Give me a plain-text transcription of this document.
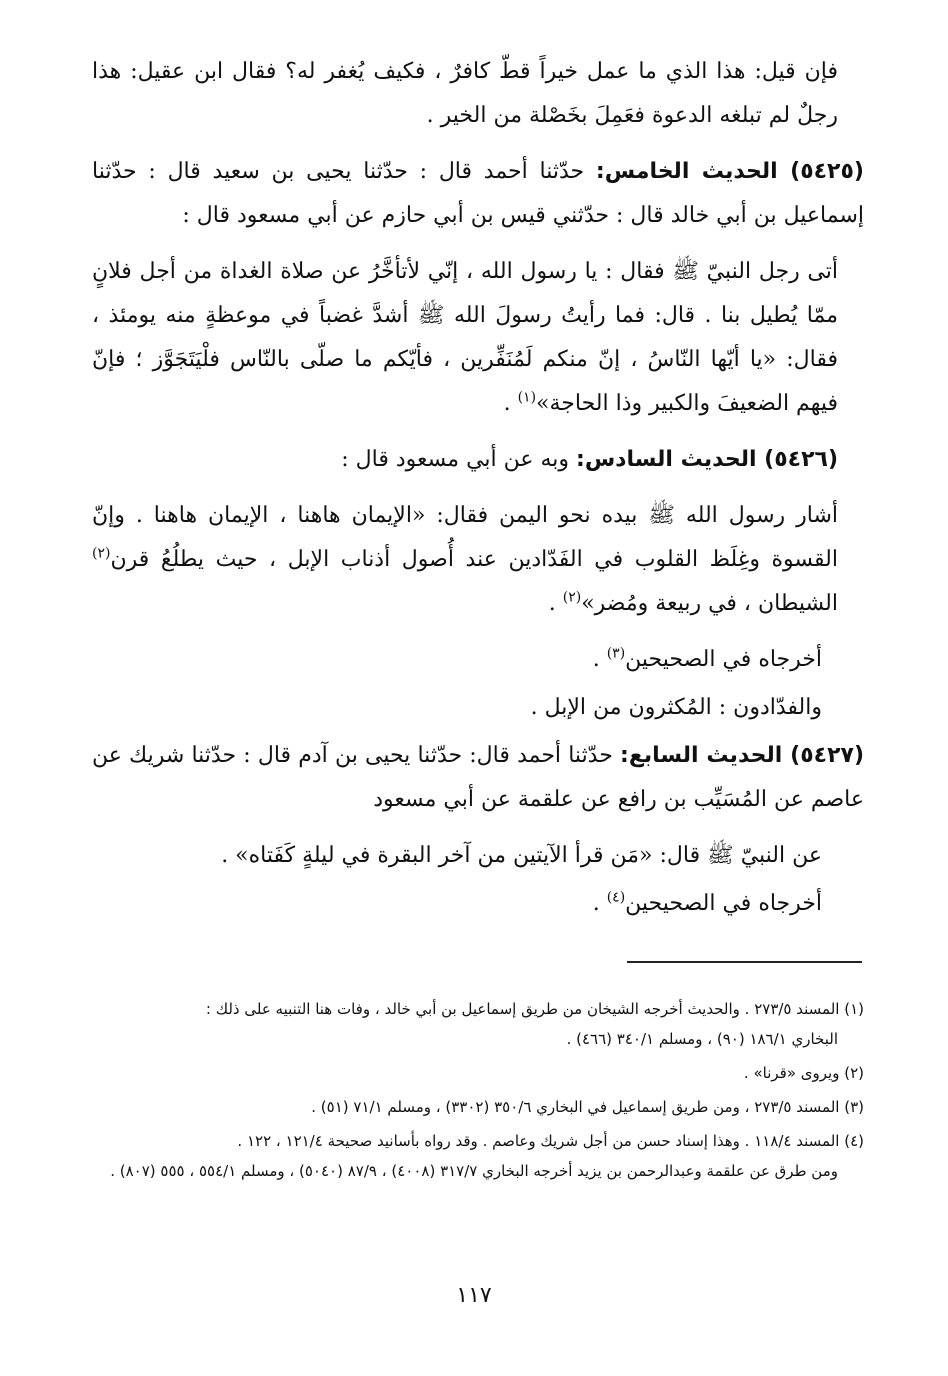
فإن قيل: هذا الذي ما عمل خيراً قطّ كافرٌ ، فكيف يُغفر له؟ فقال ابن عقيل: هذا رجلٌ لم تبلغه الدعوة فعَمِلَ بخَصْلة من الخير .

(٥٤٢٥) الحديث الخامس: حدّثنا أحمد قال : حدّثنا يحيى بن سعيد قال : حدّثنا إسماعيل بن أبي خالد قال : حدّثني قيس بن أبي حازم عن أبي مسعود قال :

أتى رجل النبيّ ﷺ فقال : يا رسول الله ، إنّي لأتأخَّرُ عن صلاة الغداة من أجل فلانٍ ممّا يُطيل بنا . قال: فما رأيتُ رسولَ الله ﷺ أشدَّ غضباً في موعظةٍ منه يومئذ ، فقال: «يا أيّها النّاسُ ، إنّ منكم لَمُنَفِّرين ، فأيّكم ما صلّى بالنّاس فلْيَتَجَوَّز ؛ فإنّ فيهم الضعيفَ والكبير وذا الحاجة»$^{(١)}$ .

(٥٤٢٦) الحديث السادس: وبه عن أبي مسعود قال :

أشار رسول الله ﷺ بيده نحو اليمن فقال: «الإيمان هاهنا ، الإيمان هاهنا . وإنّ القسوة وغِلَظ القلوب في الفَدّادين عند أُصول أذناب الإبل ، حيث يطلُعُ قرن$^{(٢)}$ الشيطان ، في ربيعة ومُضر»$^{(٢)}$ .

أخرجاه في الصحيحين$^{(٣)}$ .

والفدّادون : المُكثرون من الإبل .

(٥٤٢٧) الحديث السابع: حدّثنا أحمد قال: حدّثنا يحيى بن آدم قال : حدّثنا شريك عن عاصم عن المُسَيِّب بن رافع عن علقمة عن أبي مسعود

عن النبيّ ﷺ قال: «مَن قرأ الآيتين من آخر البقرة في ليلةٍ كَفَتاه» .

أخرجاه في الصحيحين$^{(٤)}$ .

(١) المسند ٢٧٣/٥ . والحديث أخرجه الشيخان من طريق إسماعيل بن أبي خالد ، وفات هنا التنبيه على ذلك :
البخاري ١٨٦/١ (٩٠) ، ومسلم ٣٤٠/١ (٤٦٦) .

(٢) ويروى «قرنا» .

(٣) المسند ٢٧٣/٥ ، ومن طريق إسماعيل في البخاري ٣٥٠/٦ (٣٣٠٢) ، ومسلم ٧١/١ (٥١) .

(٤) المسند ١١٨/٤ . وهذا إسناد حسن من أجل شريك وعاصم . وقد رواه بأسانيد صحيحة ١٢١/٤ ، ١٢٢ .
ومن طرق عن علقمة وعبدالرحمن بن يزيد أخرجه البخاري ٣١٧/٧ (٤٠٠٨) ، ٨٧/٩ (٥٠٤٠) ، ومسلم ٥٥٤/١ ، ٥٥٥ (٨٠٧) .

١١٧
